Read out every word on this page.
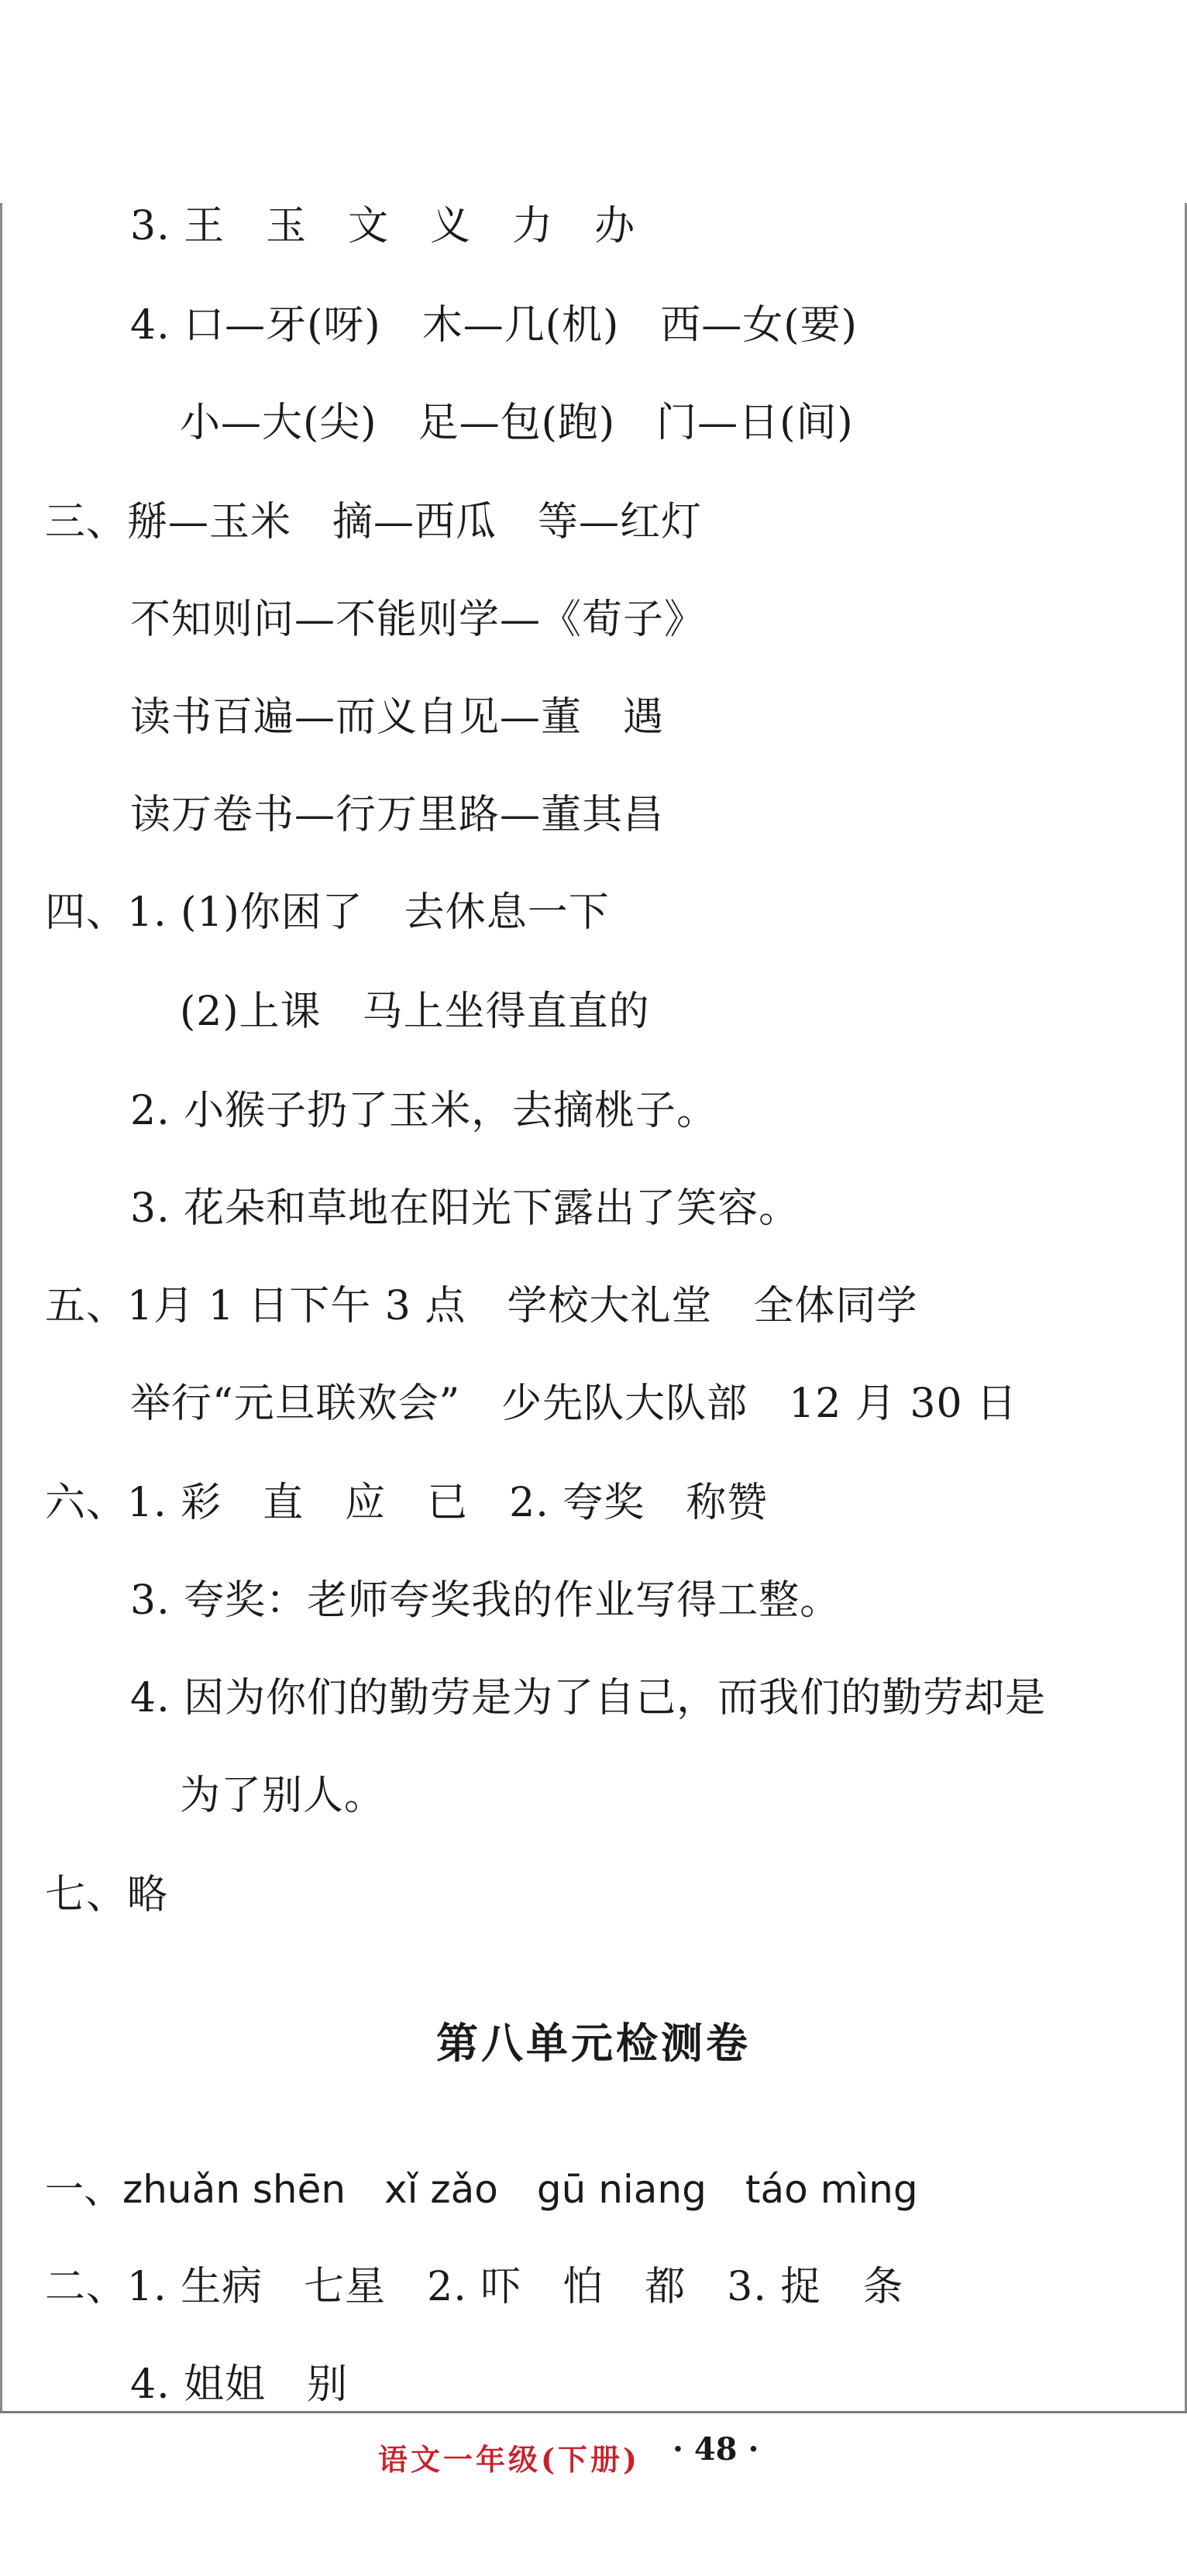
3. 王　玉　文　义　力　办
4. 口—牙(呀)　木—几(机)　西—女(要)
小—大(尖)　足—包(跑)　门—日(间)
三、掰—玉米　摘—西瓜　等—红灯
不知则问—不能则学—《荀子》
读书百遍—而义自见—董　遇
读万卷书—行万里路—董其昌
四、1. (1)你困了　去休息一下
(2)上课　马上坐得直直的
2. 小猴子扔了玉米，去摘桃子。
3. 花朵和草地在阳光下露出了笑容。
五、1月 1 日下午 3 点　学校大礼堂　全体同学
举行“元旦联欢会”　少先队大队部　12 月 30 日
六、1. 彩　直　应　已　2. 夸奖　称赞
3. 夸奖：老师夸奖我的作业写得工整。
4. 因为你们的勤劳是为了自己，而我们的勤劳却是
为了别人。
七、略
第八单元检测卷
一、zhuǎn shēn　xǐ zǎo　gū niang　táo mìng
二、1. 生病　七星　2. 吓　怕　都　3. 捉　条
4. 姐姐　别
语文一年级(下册) · 48 ·
